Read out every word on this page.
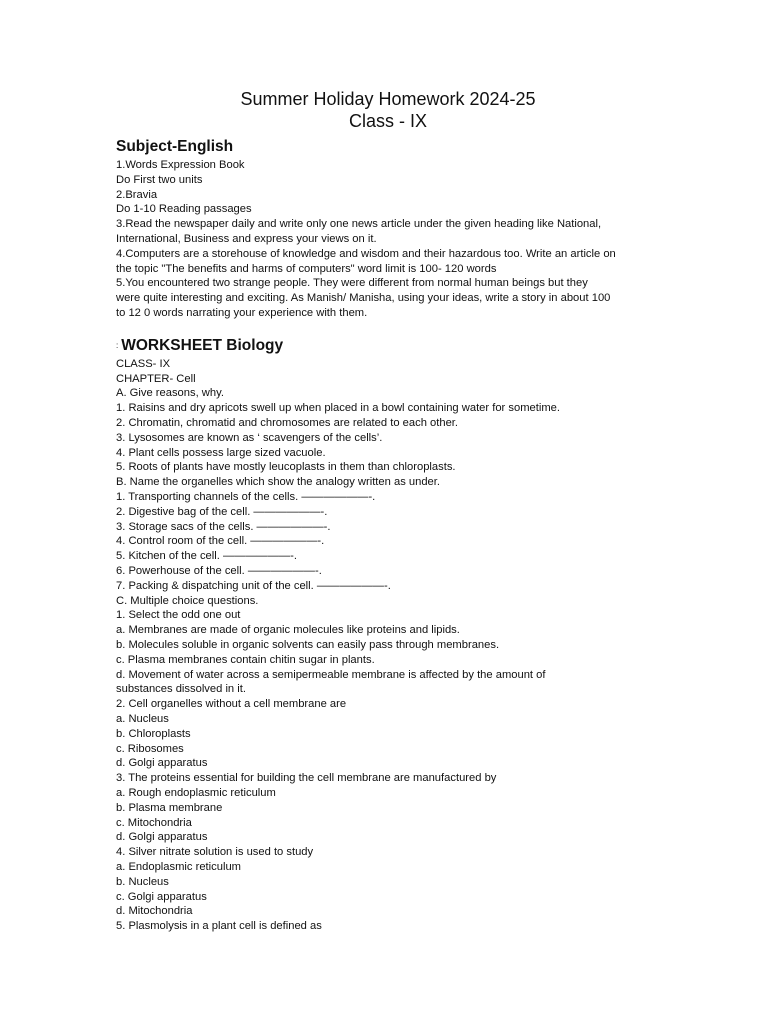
Summer Holiday Homework 2024-25
Class - IX

Subject-English

1.Words Expression Book

Do First two units

2.Bravia

Do 1-10 Reading passages

3.Read the newspaper daily and write only one news article under the given heading like National,

International, Business and express your views on it.

4.Computers are a storehouse of knowledge and wisdom and their hazardous too. Write an article on

the topic "The benefits and harms of computers" word limit is 100- 120 words

5.You encountered two strange people. They were different from normal human beings but they

were quite interesting and exciting. As Manish/ Manisha, using your ideas, write a story in about 100

to 12 0 words narrating your experience with them.

: WORKSHEET Biology

CLASS- IX

CHAPTER- Cell

A. Give reasons, why.

1. Raisins and dry apricots swell up when placed in a bowl containing water for sometime.

2. Chromatin, chromatid and chromosomes are related to each other.

3. Lysosomes are known as ‘ scavengers of the cells’.

4. Plant cells possess large sized vacuole.

5. Roots of plants have mostly leucoplasts in them than chloroplasts.

B. Name the organelles which show the analogy written as under.

1. Transporting channels of the cells. ——————-.

2. Digestive bag of the cell. ——————-.

3. Storage sacs of the cells. ——————-.

4. Control room of the cell. ——————-.

5. Kitchen of the cell. ——————-.

6. Powerhouse of the cell. ——————-.

7. Packing & dispatching unit of the cell. ——————-.

C. Multiple choice questions.

1. Select the odd one out

a. Membranes are made of organic molecules like proteins and lipids.

b. Molecules soluble in organic solvents can easily pass through membranes.

c. Plasma membranes contain chitin sugar in plants.

d. Movement of water across a semipermeable membrane is affected by the amount of

substances dissolved in it.

2. Cell organelles without a cell membrane are

a. Nucleus

b. Chloroplasts

c. Ribosomes

d. Golgi apparatus

3. The proteins essential for building the cell membrane are manufactured by

a. Rough endoplasmic reticulum

b. Plasma membrane

c. Mitochondria

d. Golgi apparatus

4. Silver nitrate solution is used to study

a. Endoplasmic reticulum

b. Nucleus

c. Golgi apparatus

d. Mitochondria

5. Plasmolysis in a plant cell is defined as
